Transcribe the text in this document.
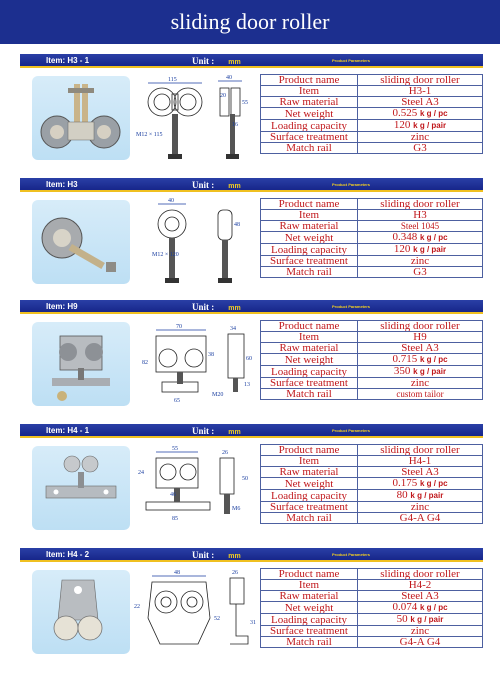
sliding door roller
Item: H3 - 1	Unit : mm	Product Parameters
115	40
20
55
16
M12 × 115
Product name	sliding door roller
Item	H3-1
Raw material	Steel A3
Net weight	0.525 k g / pc
Loading capacity	120 k g / pair
Surface treatment	zinc
Match rail	G3
Item: H3	Unit : mm	Product Parameters
40
48
M12 × 120
Product name	sliding door roller
Item	H3
Raw material	Steel 1045
Net weight	0.348 k g / pc
Loading capacity	120 k g / pair
Surface treatment	zinc
Match rail	G3
Item: H9	Unit : mm	Product Parameters
70	34
38
82
60
65
M20
13
Product name	sliding door roller
Item	H9
Raw material	Steel A3
Net weight	0.715 k g / pc
Loading capacity	350 k g / pair
Surface treatment	zinc
Match rail	custom tailor
Item: H4 - 1	Unit : mm	Product Parameters
55
26
24
46
50
85
M6
Product name	sliding door roller
Item	H4-1
Raw material	Steel A3
Net weight	0.175 k g / pc
Loading capacity	80 k g / pair
Surface treatment	zinc
Match rail	G4-A G4
Item: H4 - 2	Unit : mm	Product Parameters
48	26
22
52
31
Product name	sliding door roller
Item	H4-2
Raw material	Steel A3
Net weight	0.074 k g / pc
Loading capacity	50 k g / pair
Surface treatment	zinc
Match rail	G4-A G4
